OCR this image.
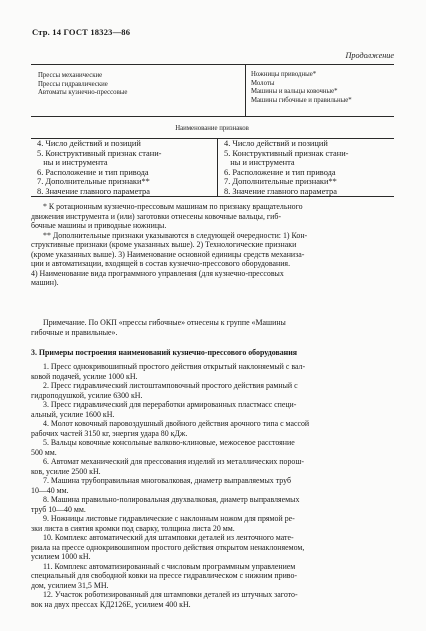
Стр. 14 ГОСТ 18323—86
Продолжение
Прессы механические
Прессы гидравлические
Автоматы кузнечно-прессовые
Ножницы приводные*
Молоты
Машины и вальцы ковочные*
Машины гибочные и правильные*
Наименование признаков
4. Число действий и позиций
5. Конструктивный признак стани-
ны и инструмента
6. Расположение и тип привода
7. Дополнительные признаки**
8. Значение главного параметра
4. Число действий и позиций
5. Конструктивный признак стани-
ны и инструмента
6. Расположение и тип привода
7. Дополнительные признаки**
8. Значение главного параметра
* К ротационным кузнечно-прессовым машинам по признаку вращательного
движения инструмента и (или) заготовки отнесены ковочные вальцы, гиб-
бочные машины и приводные ножницы.
** Дополнительные признаки указываются в следующей очередности: 1) Кон-
структивные признаки (кроме указанных выше). 2) Технологические признаки
(кроме указанных выше). 3) Наименование основной единицы средств механиза-
ции и автоматизации, входящей в состав кузнечно-прессового оборудования.
4) Наименование вида программного управления (для кузнечно-прессовых
машин).
Примечание. По ОКП «прессы гибочные» отнесены к группе «Машины
гибочные и правильные».
3. Примеры построения наименований кузнечно-прессового оборудования
1. Пресс однокривошипный простого действия открытый наклоняемый с вал-
ковой подачей, усилие 1000 кН.
2. Пресс гидравлический листоштамповочный простого действия рамный с
гидроподушкой, усилие 6300 кН.
3. Пресс гидравлический для переработки армированных пластмасс специ-
альный, усилие 1600 кН.
4. Молот ковочный паровоздушный двойного действия арочного типа с массой
рабочих частей 3150 кг, энергия удара 80 кДж.
5. Вальцы ковочные консольные валково-клиновые, межосевое расстояние
500 мм.
6. Автомат механический для прессования изделий из металлических порош-
ков, усилие 2500 кН.
7. Машина трубоправильная многовалковая, диаметр выправляемых труб
10—40 мм.
8. Машина правильно-полировальная двухвалковая, диаметр выправляемых
труб 10—40 мм.
9. Ножницы листовые гидравлические с наклонным ножом для прямой ре-
зки листа в сиятия кромки под сварку, толщина листа 20 мм.
10. Комплекс автоматический для штамповки деталей из ленточного мате-
риала на прессе однокривошипном простого действия открытом ненаклоняемом,
усилием 1000 кН.
11. Комплекс автоматизированный с числовым программным управлением
специальный для свободной ковки на прессе гидравлическом с нижним приво-
дом, усилием 31,5 МН.
12. Участок роботизированный для штамповки деталей из штучных загото-
вок на двух прессах КД2126Е, усилием 400 кН.
